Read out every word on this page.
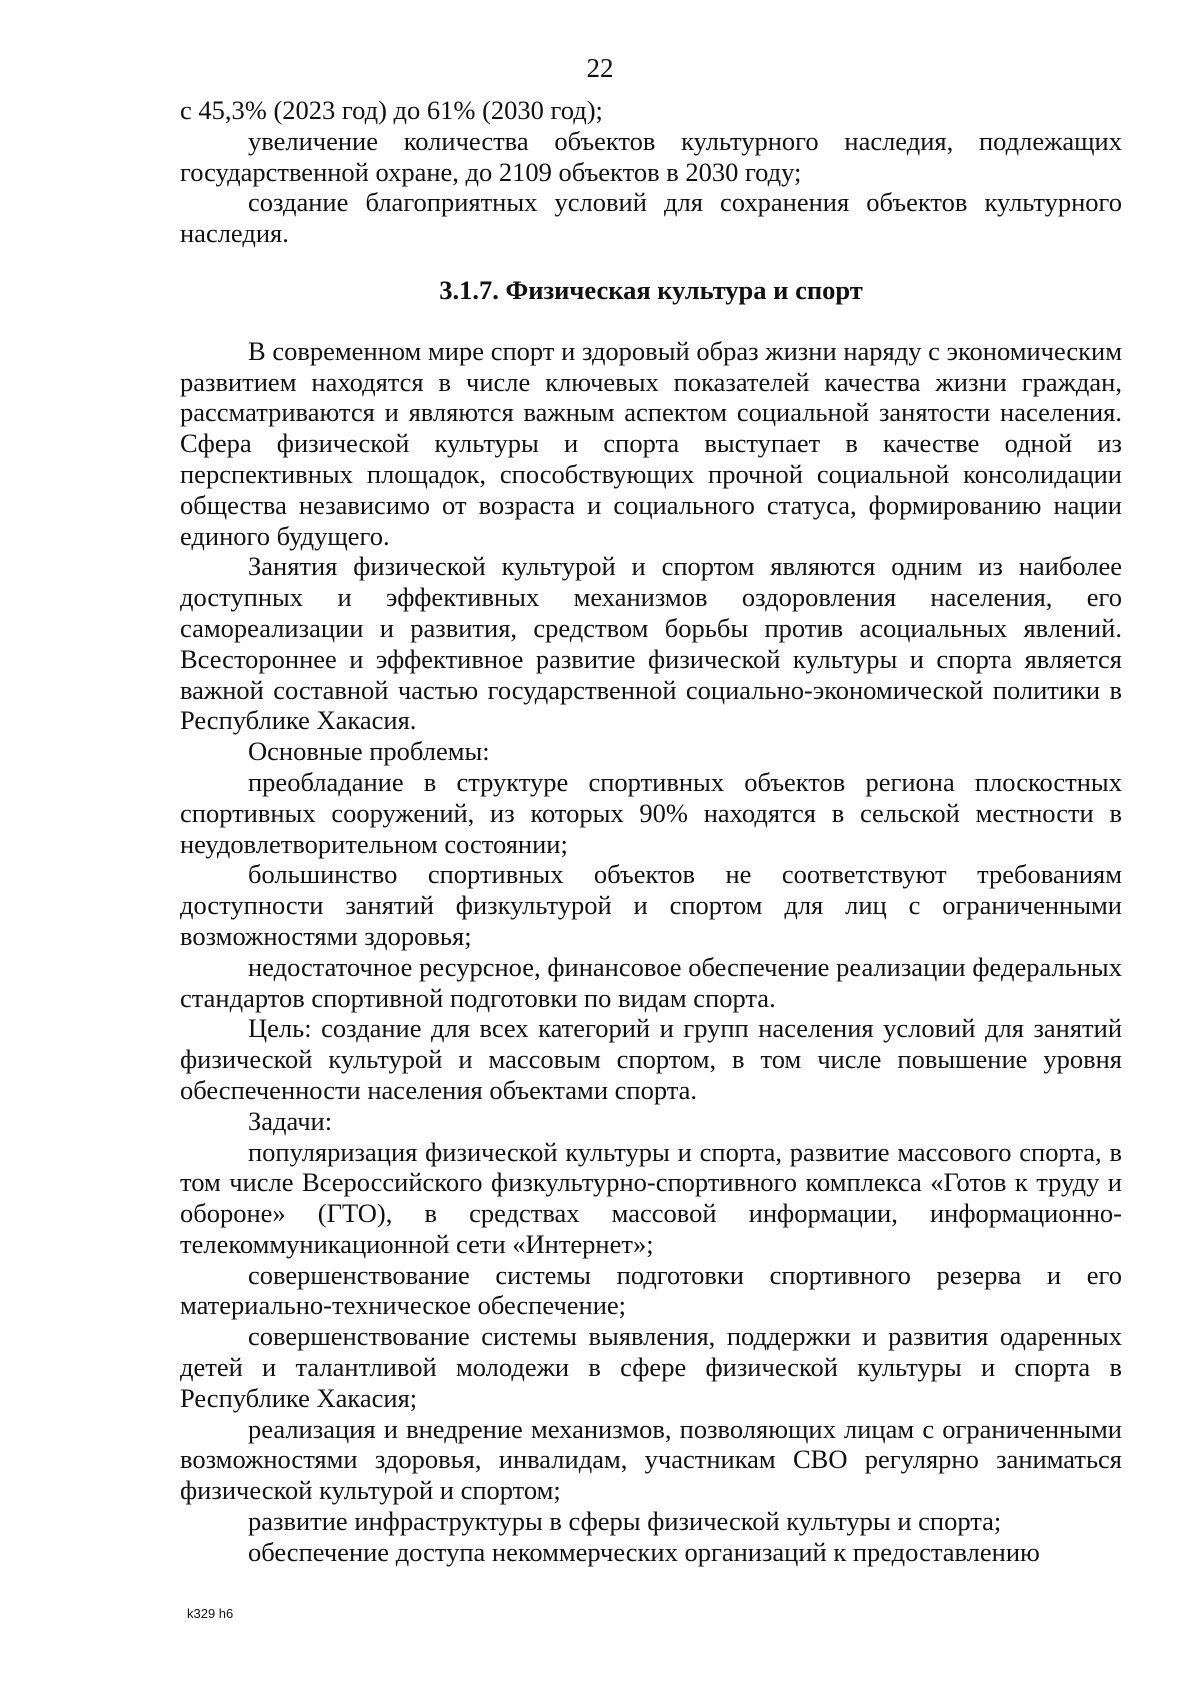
22

с 45,3% (2023 год) до 61% (2030 год);

увеличение количества объектов культурного наследия, подлежащих государственной охране, до 2109 объектов в 2030 году;

создание благоприятных условий для сохранения объектов культурного наследия.

3.1.7. Физическая культура и спорт

В современном мире спорт и здоровый образ жизни наряду с экономическим развитием находятся в числе ключевых показателей качества жизни граждан, рассматриваются и являются важным аспектом социальной занятости населения. Сфера физической культуры и спорта выступает в качестве одной из перспективных площадок, способствующих прочной социальной консолидации общества независимо от возраста и социального статуса, формированию нации единого будущего.

Занятия физической культурой и спортом являются одним из наиболее доступных и эффективных механизмов оздоровления населения, его самореализации и развития, средством борьбы против асоциальных явлений. Всестороннее и эффективное развитие физической культуры и спорта является важной составной частью государственной социально-экономической политики в Республике Хакасия.

Основные проблемы:

преобладание в структуре спортивных объектов региона плоскостных спортивных сооружений, из которых 90% находятся в сельской местности в неудовлетворительном состоянии;

большинство спортивных объектов не соответствуют требованиям доступности занятий физкультурой и спортом для лиц с ограниченными возможностями здоровья;

недостаточное ресурсное, финансовое обеспечение реализации федеральных стандартов спортивной подготовки по видам спорта.

Цель: создание для всех категорий и групп населения условий для занятий физической культурой и массовым спортом, в том числе повышение уровня обеспеченности населения объектами спорта.

Задачи:

популяризация физической культуры и спорта, развитие массового спорта, в том числе Всероссийского физкультурно-спортивного комплекса «Готов к труду и обороне» (ГТО), в средствах массовой информации, информационно-телекоммуникационной сети «Интернет»;

совершенствование системы подготовки спортивного резерва и его материально-техническое обеспечение;

совершенствование системы выявления, поддержки и развития одаренных детей и талантливой молодежи в сфере физической культуры и спорта в Республике Хакасия;

реализация и внедрение механизмов, позволяющих лицам с ограниченными возможностями здоровья, инвалидам, участникам СВО регулярно заниматься физической культурой и спортом;

развитие инфраструктуры в сферы физической культуры и спорта;

обеспечение доступа некоммерческих организаций к предоставлению

k329 h6
